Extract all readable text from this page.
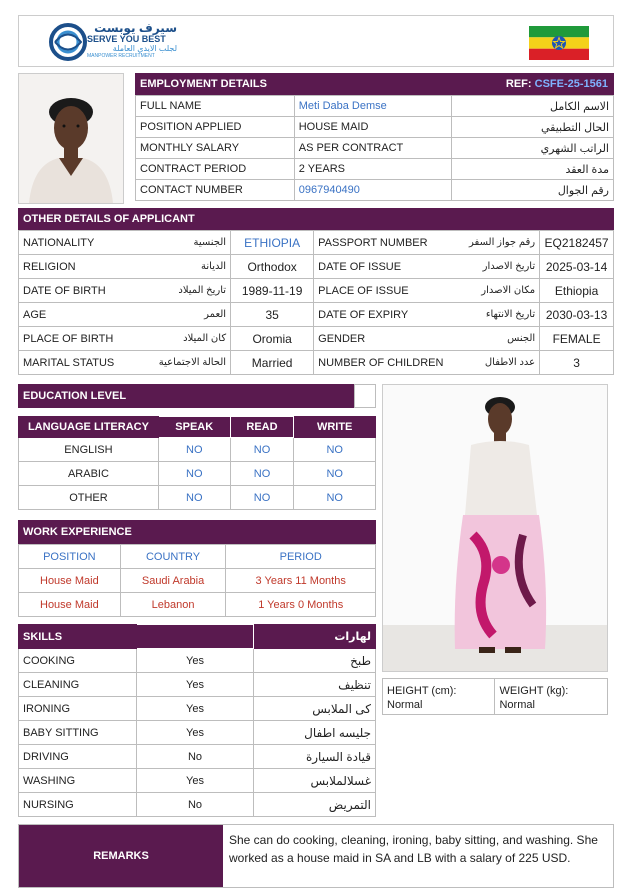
سيرف يوبست
SERVE YOU BEST
لجلب الايدي العاملة
MANPOWER RECRUITMENT
EMPLOYMENT DETAILS	REF: CSFE-25-1561
FULL NAME	Meti Daba Demse	الاسم الكامل
POSITION APPLIED	HOUSE MAID	الحال التطبيقي
MONTHLY SALARY	AS PER CONTRACT	الراتب الشهري
CONTRACT PERIOD	2 YEARS	مدة العقد
CONTACT NUMBER	0967940490	رقم الجوال
OTHER DETAILS OF APPLICANT
NATIONALITY	الجنسية	ETHIOPIA	PASSPORT NUMBER	رقم جواز السفر	EQ2182457
RELIGION	الديانة	Orthodox	DATE OF ISSUE	تاريخ الاصدار	2025-03-14
DATE OF BIRTH	تاريخ الميلاد	1989-11-19	PLACE OF ISSUE	مكان الاصدار	Ethiopia
AGE	العمر	35	DATE OF EXPIRY	تاريخ الانتهاء	2030-03-13
PLACE OF BIRTH	كان الميلاد	Oromia	GENDER	الجنس	FEMALE
MARITAL STATUS	الحالة الاجتماعية	Married	NUMBER OF CHILDREN	عدد الاطفال	3
EDUCATION LEVEL
LANGUAGE LITERACY	SPEAK	READ	WRITE
ENGLISH	NO	NO	NO
ARABIC	NO	NO	NO
OTHER	NO	NO	NO
WORK EXPERIENCE
POSITION	COUNTRY	PERIOD
House Maid	Saudi Arabia	3 Years 11 Months
House Maid	Lebanon	1 Years 0 Months
SKILLS		لهارات
COOKING	Yes	طبخ
CLEANING	Yes	تنظيف
IRONING	Yes	كى الملابس
BABY SITTING	Yes	جليسه اطفال
DRIVING	No	قيادة السيارة
WASHING	Yes	غسلالملابس
NURSING	No	التمريض
HEIGHT (cm):
Normal

WEIGHT (kg):
Normal
REMARKS
She can do cooking, cleaning, ironing, baby sitting, and washing. She worked as a house maid in SA and LB with a salary of 225 USD.
